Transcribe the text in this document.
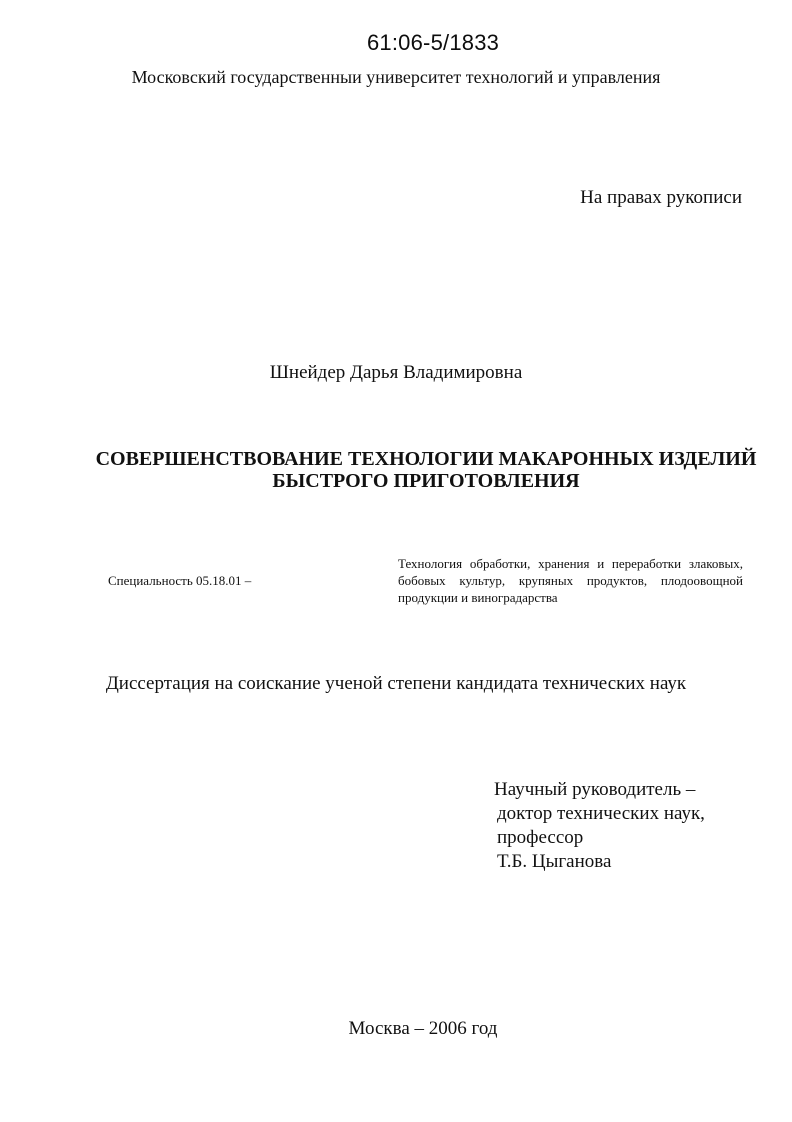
61:06-5/1833
Московский государственныи университет технологий и управления
На правах рукописи
Шнейдер Дарья Владимировна
СОВЕРШЕНСТВОВАНИЕ ТЕХНОЛОГИИ МАКАРОННЫХ ИЗДЕЛИЙ
БЫСТРОГО ПРИГОТОВЛЕНИЯ
Специальность 05.18.01 –
Технология обработки, хранения и переработки злаковых,
бобовых культур, крупяных продуктов, плодоовощной
продукции и виноградарства
Диссертация на соискание ученой степени кандидата технических наук
Научный руководитель –
доктор технических наук,
профессор
Т.Б. Цыганова
Москва – 2006 год
